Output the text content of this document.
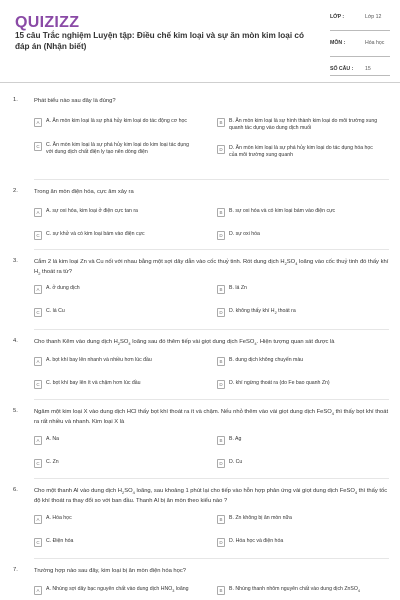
QUIZIZZ
15 câu Trắc nghiệm Luyện tập: Điều chế kim loại và sự ăn mòn kim loại có đáp án (Nhận biết)
LỚP :	Lớp 12
MÔN :	Hóa học
SỐ CÂU : 15
1.	Phát biểu nào sau đây là đúng?
A	A. Ăn mòn kim loại là sự phá hủy kim loại do tác động cơ học	B	B. Ăn mòn kim loại là sự hình thành kim loại do môi trường xung quanh tác dụng vào dung dịch muối
C	C. Ăn mòn kim loại là sự phá hủy kim loại do kim loại tác dụng với dung dịch chất điện ly tạo nên dòng điện	D	D. Ăn mòn kim loại là sự phá hủy kim loại do tác dụng hóa học của môi trường xung quanh
2.	Trong ăn mòn điện hóa, cực âm xảy ra
A	A. sự oxi hóa, kim loại ở điện cực tan ra	B	B. sự oxi hóa và có kim loại bám vào điện cực
C	C. sự khử và có kim loại bám vào điện cực	D	D. sự oxi hóa
3.	Cắm 2 lá kim loại Zn và Cu nối với nhau bằng một sợi dây dẫn vào cốc thuỷ tinh. Rót dung dịch $H_2SO_4$ loãng vào cốc thuỷ tinh đó thấy khí $H_2$ thoát ra từ?
A	A. ở dung dịch	B	B. lá Zn
C	C. lá Cu	D	D. không thấy khí $H_2$ thoát ra
4.	Cho thanh Kẽm vào dung dịch $H_2SO_4$ loãng sau đó thêm tiếp vài giọt dung dịch FeSO$_4$. Hiện tượng quan sát được là
A	A. bọt khí bay lên nhanh và nhiều hơn lúc đầu	B	B. dung dịch không chuyển màu
C	C. bọt khí bay lên ít và chậm hơn lúc đầu	D	D. khí ngừng thoát ra (do Fe bao quanh Zn)
5.	Ngâm một kim loại X vào dung dịch HCl thấy bọt khí thoát ra ít và chậm. Nếu nhỏ thêm vào vài giọt dung dịch FeSO$_4$ thì thấy bọt khí thoát ra rất nhiều và nhanh. Kim loại X là
A	A. Na	B	B. Ag
C	C. Zn	D	D. Cu
6.	Cho một thanh Al vào dung dịch $H_2SO_4$ loãng, sau khoảng 1 phút lại cho tiếp vào hỗn hợp phản ứng vài giọt dung dịch FeSO$_4$ thì thấy tốc độ khí thoát ra thay đổi so với ban đầu. Thanh Al bị ăn mòn theo kiểu nào ?
A	A. Hóa học	B	B. Zn không bị ăn mòn nữa
C	C. Điện hóa	D	D. Hóa học và điện hóa
7.	Trường hợp nào sau đây, kim loại bị ăn mòn điện hóa học?
A	A. Nhúng sợi dây bạc nguyên chất vào dung dịch $HNO_3$ loãng	B	B. Nhúng thanh nhôm nguyên chất vào dung dịch ZnSO$_4$
